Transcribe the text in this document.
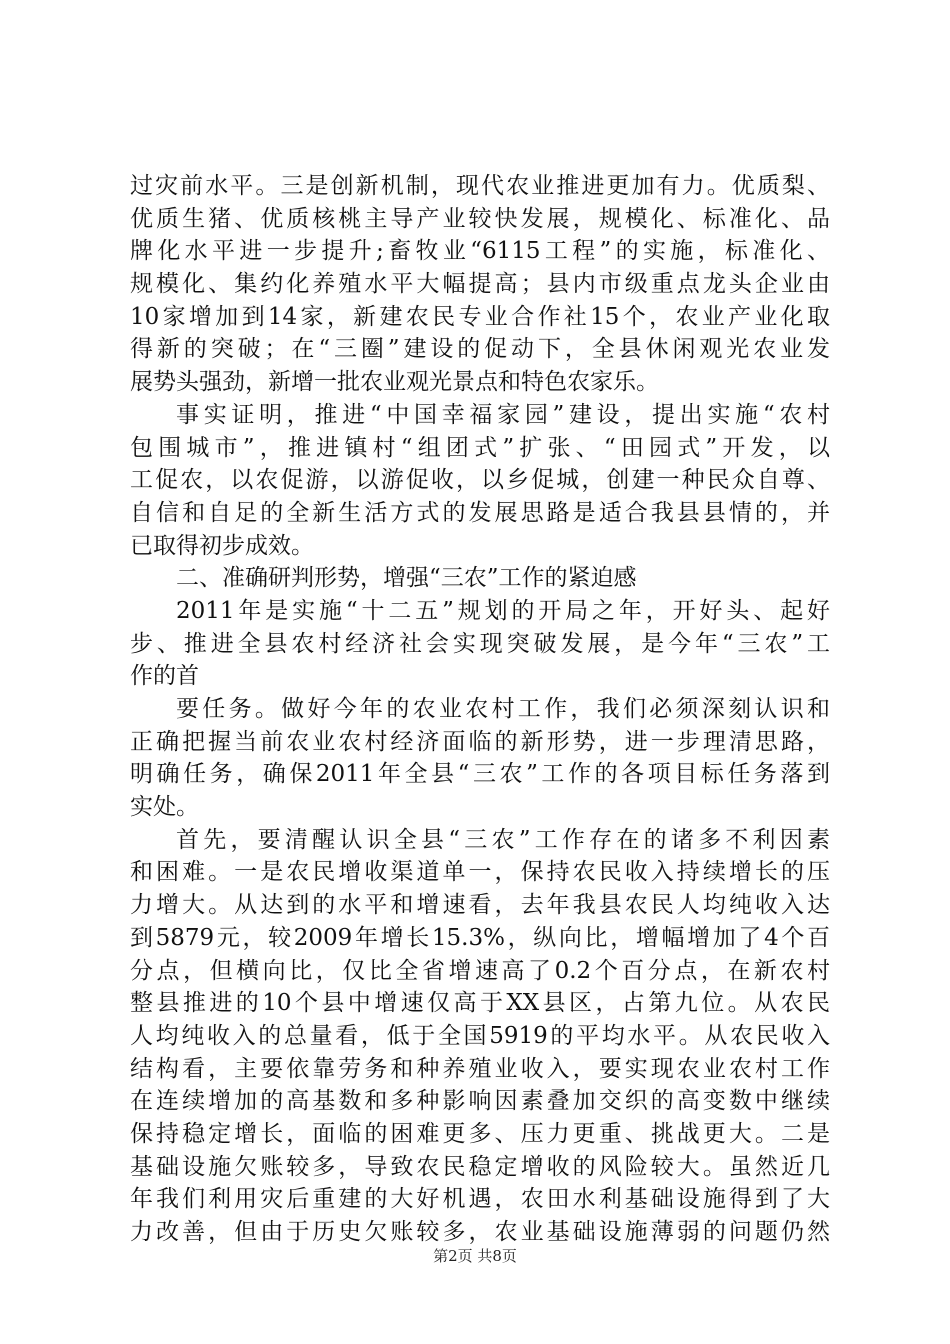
过灾前水平。三是创新机制，现代农业推进更加有力。优质梨、
优质生猪、优质核桃主导产业较快发展，规模化、标准化、品
牌化水平进一步提升;畜牧业“6115工程”的实施，标准化、
规模化、集约化养殖水平大幅提高；县内市级重点龙头企业由
10家增加到14家，新建农民专业合作社15个，农业产业化取
得新的突破；在“三圈”建设的促动下，全县休闲观光农业发
展势头强劲，新增一批农业观光景点和特色农家乐。
事实证明，推进“中国幸福家园”建设，提出实施“农村
包围城市”，推进镇村“组团式”扩张、“田园式”开发，以
工促农，以农促游，以游促收，以乡促城，创建一种民众自尊、
自信和自足的全新生活方式的发展思路是适合我县县情的，并
已取得初步成效。
二、准确研判形势，增强“三农”工作的紧迫感
2011年是实施“十二五”规划的开局之年，开好头、起好
步、推进全县农村经济社会实现突破发展，是今年“三农”工
作的首
要任务。做好今年的农业农村工作，我们必须深刻认识和
正确把握当前农业农村经济面临的新形势，进一步理清思路，
明确任务，确保2011年全县“三农”工作的各项目标任务落到
实处。
首先，要清醒认识全县“三农”工作存在的诸多不利因素
和困难。一是农民增收渠道单一，保持农民收入持续增长的压
力增大。从达到的水平和增速看，去年我县农民人均纯收入达
到5879元，较2009年增长15.3%，纵向比，增幅增加了4个百
分点，但横向比，仅比全省增速高了0.2个百分点，在新农村
整县推进的10个县中增速仅高于XX县区，占第九位。从农民
人均纯收入的总量看，低于全国5919的平均水平。从农民收入
结构看，主要依靠劳务和种养殖业收入，要实现农业农村工作
在连续增加的高基数和多种影响因素叠加交织的高变数中继续
保持稳定增长，面临的困难更多、压力更重、挑战更大。二是
基础设施欠账较多，导致农民稳定增收的风险较大。虽然近几
年我们利用灾后重建的大好机遇，农田水利基础设施得到了大
力改善，但由于历史欠账较多，农业基础设施薄弱的问题仍然
第2页 共8页
